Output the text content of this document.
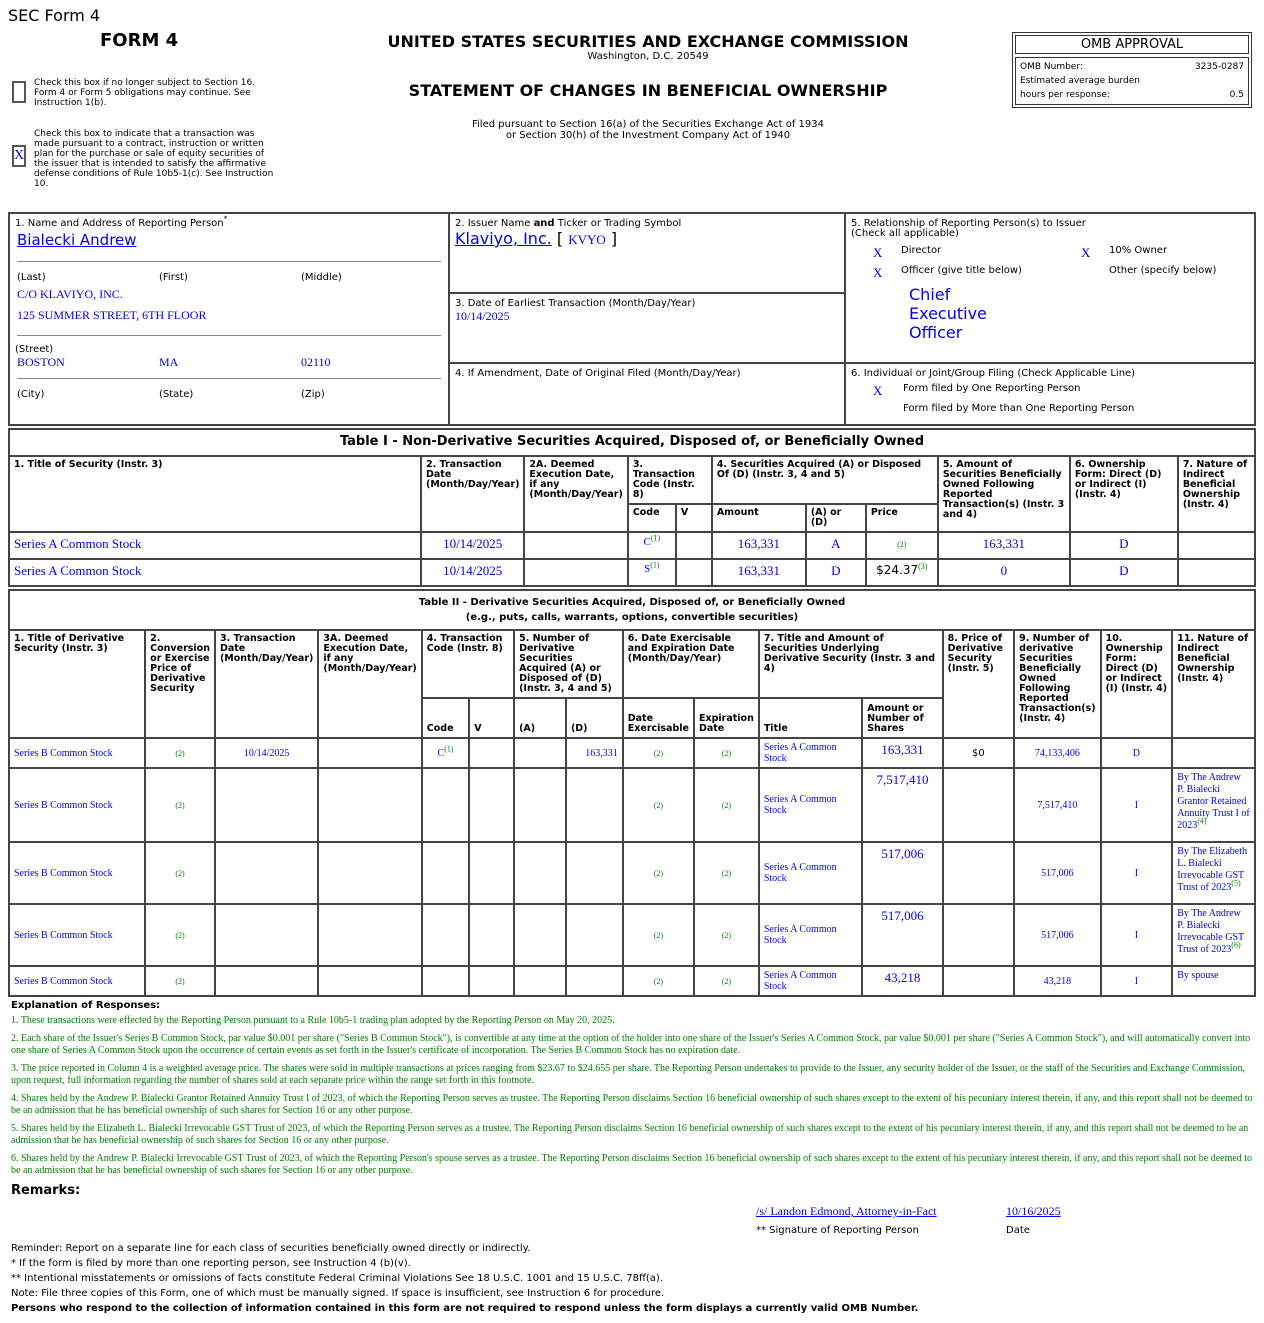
SEC Form 4
FORM 4
Check this box if no longer subject to Section 16. Form 4 or Form 5 obligations may continue. See Instruction 1(b).
X
Check this box to indicate that a transaction was made pursuant to a contract, instruction or written plan for the purchase or sale of equity securities of the issuer that is intended to satisfy the affirmative defense conditions of Rule 10b5-1(c). See Instruction 10.
UNITED STATES SECURITIES AND EXCHANGE COMMISSION
Washington, D.C. 20549
STATEMENT OF CHANGES IN BENEFICIAL OWNERSHIP
Filed pursuant to Section 16(a) of the Securities Exchange Act of 1934
or Section 30(h) of the Investment Company Act of 1940
OMB APPROVAL
OMB Number:	3235-0287
Estimated average burden
hours per response:	0.5
1. Name and Address of Reporting Person*
Bialecki Andrew
(Last)	(First)	(Middle)
C/O KLAVIYO, INC.
125 SUMMER STREET, 6TH FLOOR
(Street)
BOSTON	MA	02110
(City)	(State)	(Zip)

2. Issuer Name and Ticker or Trading Symbol
Klaviyo, Inc. [ KVYO ]

5. Relationship of Reporting Person(s) to Issuer
(Check all applicable)
X	Director	X	10% Owner
X	Officer (give title below)	Other (specify below)
Chief
Executive
Officer

	3. Date of Earliest Transaction (Month/Day/Year)
10/14/2025	

	4. If Amendment, Date of Original Filed (Month/Day/Year)	6. Individual or Joint/Group Filing (Check Applicable Line)
X Form filed by One Reporting Person
Form filed by More than One Reporting Person
Table I - Non-Derivative Securities Acquired, Disposed of, or Beneficially Owned										
1. Title of Security (Instr. 3)	2. Transaction Date (Month/Day/Year)	2A. Deemed Execution Date, if any (Month/Day/Year)	3. Transaction Code (Instr. 8)		4. Securities Acquired (A) or Disposed Of (D) (Instr. 3, 4 and 5)			5. Amount of Securities Beneficially Owned Following Reported Transaction(s) (Instr. 3 and 4)	6. Ownership Form: Direct (D) or Indirect (I) (Instr. 4)	7. Nature of Indirect Beneficial Ownership (Instr. 4)
			Code	V	Amount	(A) or (D)	Price			
Series A Common Stock	10/14/2025		$C^{(1)}$		163,331	A	(2)	163,331	D	
Series A Common Stock	10/14/2025		$S^{(1)}$		163,331	D	$24.37$^{(3)}$	0	D	
Table II - Derivative Securities Acquired, Disposed of, or Beneficially Owned
(e.g., puts, calls, warrants, options, convertible securities)															

1. Title of Derivative Security (Instr. 3)	2. Conversion or Exercise Price of Derivative Security	3. Transaction Date (Month/Day/Year)	3A. Deemed Execution Date, if any (Month/Day/Year)	4. Transaction Code (Instr. 8)		5. Number of Derivative Securities Acquired (A) or Disposed of (D) (Instr. 3, 4 and 5)		6. Date Exercisable and Expiration Date (Month/Day/Year)		7. Title and Amount of Securities Underlying Derivative Security (Instr. 3 and 4)		8. Price of Derivative Security (Instr. 5)	9. Number of derivative Securities Beneficially Owned Following Reported Transaction(s) (Instr. 4)	10. Ownership Form: Direct (D) or Indirect (I) (Instr. 4)	11. Nature of Indirect Beneficial Ownership (Instr. 4)
				Code	V	(A)	(D)	Date Exercisable	Expiration Date	Title	Amount or Number of Shares				
Series B Common Stock	(2)	10/14/2025		$C^{(1)}$			163,331	(2)	(2)	Series A Common Stock	163,331	$0	74,133,406	D	
Series B Common Stock	(2)							(2)	(2)	Series A Common Stock	7,517,410		7,517,410	I	By The Andrew P. Bialecki Grantor Retained Annuity Trust I of 2023$^{(4)}$
Series B Common Stock	(2)							(2)	(2)	Series A Common Stock	517,006		517,006	I	By The Elizabeth L. Bialecki Irrevocable GST Trust of 2023$^{(5)}$
Series B Common Stock	(2)							(2)	(2)	Series A Common Stock	517,006		517,006	I	By The Andrew P. Bialecki Irrevocable GST Trust of 2023$^{(6)}$
Series B Common Stock	(2)							(2)	(2)	Series A Common Stock	43,218		43,218	I	By spouse
Explanation of Responses:
1. These transactions were effected by the Reporting Person pursuant to a Rule 10b5-1 trading plan adopted by the Reporting Person on May 20, 2025.
2. Each share of the Issuer's Series B Common Stock, par value $0.001 per share ("Series B Common Stock"), is convertible at any time at the option of the holder into one share of the Issuer's Series A Common Stock, par value $0.001 per share ("Series A Common Stock"), and will automatically convert into one share of Series A Common Stock upon the occurrence of certain events as set forth in the Issuer's certificate of incorporation. The Series B Common Stock has no expiration date.
3. The price reported in Column 4 is a weighted average price. The shares were sold in multiple transactions at prices ranging from $23.67 to $24.655 per share. The Reporting Person undertakes to provide to the Issuer, any security holder of the Issuer, or the staff of the Securities and Exchange Commission, upon request, full information regarding the number of shares sold at each separate price within the range set forth in this footnote.
4. Shares held by the Andrew P. Bialecki Grantor Retained Annuity Trust I of 2023, of which the Reporting Person serves as trustee. The Reporting Person disclaims Section 16 beneficial ownership of such shares except to the extent of his pecuniary interest therein, if any, and this report shall not be deemed to be an admission that he has beneficial ownership of such shares for Section 16 or any other purpose.
5. Shares held by the Elizabeth L. Bialecki Irrevocable GST Trust of 2023, of which the Reporting Person serves as a trustee. The Reporting Person disclaims Section 16 beneficial ownership of such shares except to the extent of his pecuniary interest therein, if any, and this report shall not be deemed to be an admission that he has beneficial ownership of such shares for Section 16 or any other purpose.
6. Shares held by the Andrew P. Bialecki Irrevocable GST Trust of 2023, of which the Reporting Person's spouse serves as a trustee. The Reporting Person disclaims Section 16 beneficial ownership of such shares except to the extent of his pecuniary interest therein, if any, and this report shall not be deemed to be an admission that he has beneficial ownership of such shares for Section 16 or any other purpose.
Remarks:
/s/ Landon Edmond, Attorney-in-Fact	10/16/2025
** Signature of Reporting Person	Date
Reminder: Report on a separate line for each class of securities beneficially owned directly or indirectly.
* If the form is filed by more than one reporting person, see Instruction 4 (b)(v).
** Intentional misstatements or omissions of facts constitute Federal Criminal Violations See 18 U.S.C. 1001 and 15 U.S.C. 78ff(a).
Note: File three copies of this Form, one of which must be manually signed. If space is insufficient, see Instruction 6 for procedure.
Persons who respond to the collection of information contained in this form are not required to respond unless the form displays a currently valid OMB Number.
